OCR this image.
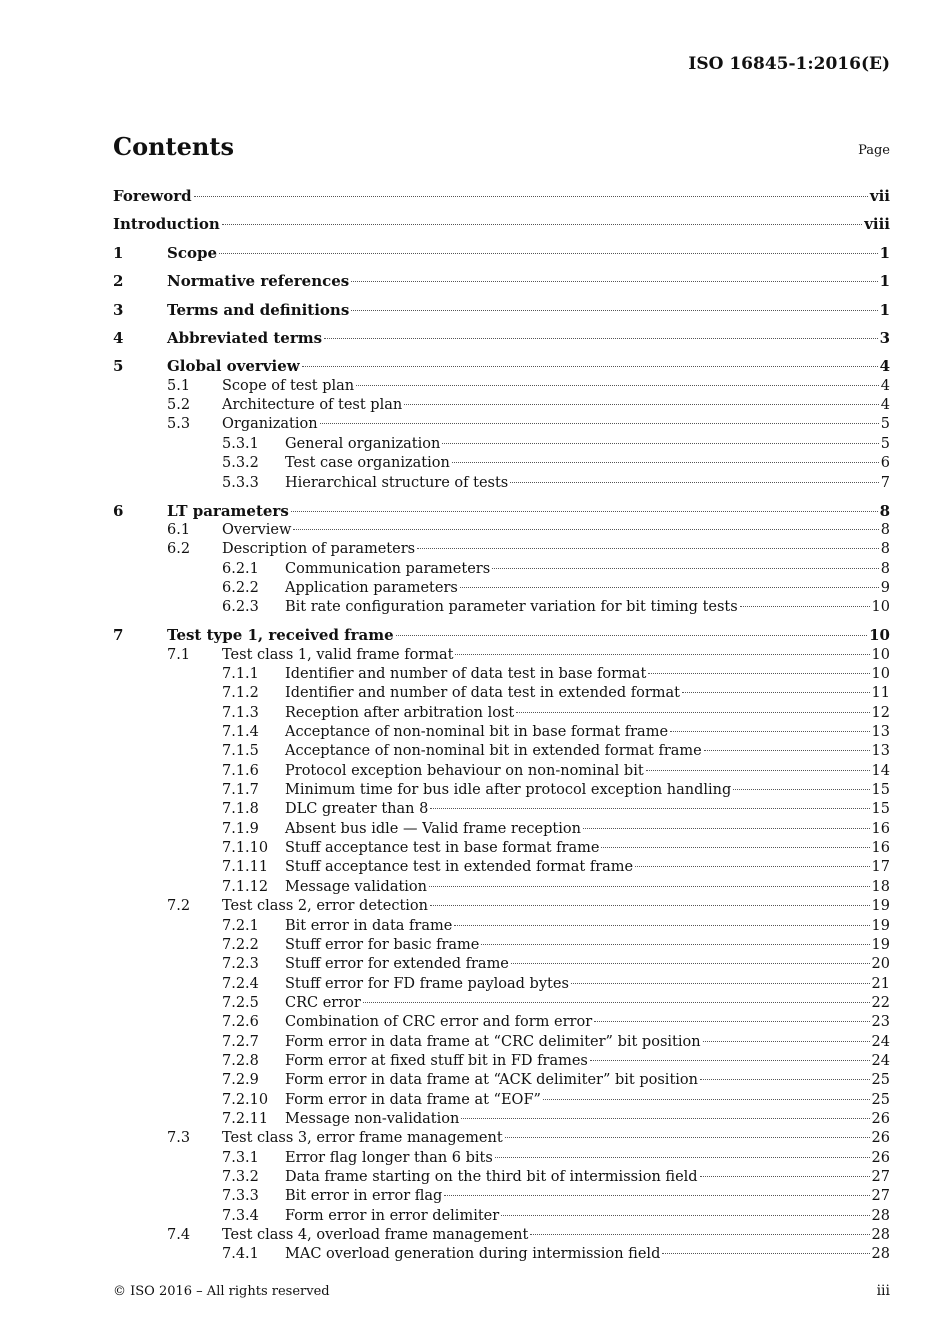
ISO 16845-1:2016(E)
Contents	Page
Foreword	vii
Introduction	viii
1	Scope	1
2	Normative references	1
3	Terms and definitions	1
4	Abbreviated terms	3
5	Global overview	4
5.1 Scope of test plan	4
5.2 Architecture of test plan	4
5.3 Organization	5
5.3.1 General organization	5
5.3.2 Test case organization	6
5.3.3 Hierarchical structure of tests	7
6	LT parameters	8
6.1 Overview	8
6.2 Description of parameters	8
6.2.1 Communication parameters	8
6.2.2 Application parameters	9
6.2.3 Bit rate configuration parameter variation for bit timing tests	10
7	Test type 1, received frame	10
7.1 Test class 1, valid frame format	10
7.1.1 Identifier and number of data test in base format	10
7.1.2 Identifier and number of data test in extended format	11
7.1.3 Reception after arbitration lost	12
7.1.4 Acceptance of non-nominal bit in base format frame	13
7.1.5 Acceptance of non-nominal bit in extended format frame	13
7.1.6 Protocol exception behaviour on non-nominal bit	14
7.1.7 Minimum time for bus idle after protocol exception handling	15
7.1.8 DLC greater than 8	15
7.1.9 Absent bus idle — Valid frame reception	16
7.1.10 Stuff acceptance test in base format frame	16
7.1.11 Stuff acceptance test in extended format frame	17
7.1.12 Message validation	18
7.2 Test class 2, error detection	19
7.2.1 Bit error in data frame	19
7.2.2 Stuff error for basic frame	19
7.2.3 Stuff error for extended frame	20
7.2.4 Stuff error for FD frame payload bytes	21
7.2.5 CRC error	22
7.2.6 Combination of CRC error and form error	23
7.2.7 Form error in data frame at “CRC delimiter” bit position	24
7.2.8 Form error at fixed stuff bit in FD frames	24
7.2.9 Form error in data frame at “ACK delimiter” bit position	25
7.2.10 Form error in data frame at “EOF”	25
7.2.11 Message non-validation	26
7.3 Test class 3, error frame management	26
7.3.1 Error flag longer than 6 bits	26
7.3.2 Data frame starting on the third bit of intermission field	27
7.3.3 Bit error in error flag	27
7.3.4 Form error in error delimiter	28
7.4 Test class 4, overload frame management	28
7.4.1 MAC overload generation during intermission field	28
© ISO 2016 – All rights reserved	iii
